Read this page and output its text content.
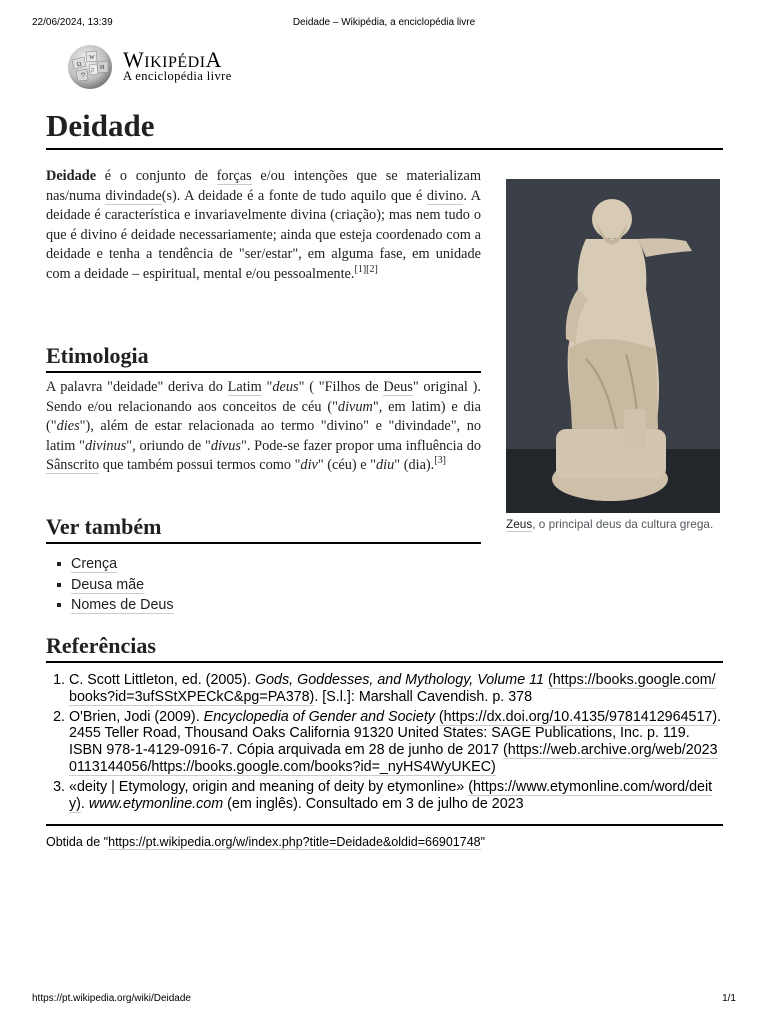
22/06/2024, 13:39	Deidade – Wikipédia, a enciclopédia livre
Ω
W
И
ウ
ק WIKIPÉDIA
A enciclopédia livre
Deidade

Deidade é o conjunto de forças e/ou intenções que se materializam nas/numa divindade(s). A deidade é a fonte de tudo aquilo que é divino. A deidade é característica e invariavelmente divina (criação); mas nem tudo o que é divino é deidade necessariamente; ainda que esteja coordenado com a deidade e tenha a tendência de "ser/estar", em alguma fase, em unidade com a deidade – espiritual, mental e/ou pessoalmente.[1][2]

Etimologia

A palavra "deidade" deriva do Latim "deus" ( "Filhos de Deus" original ). Sendo e/ou relacionando aos conceitos de céu ("divum", em latim) e dia ("dies"), além de estar relacionada ao termo "divino" e "divindade", no latim "divinus", oriundo de "divus". Pode-se fazer propor uma influência do Sânscrito que também possui termos como "div" (céu) e "diu" (dia).[3]

Zeus, o principal deus da cultura grega.
Ver também
Crença
Deusa mãe
Nomes de Deus
Referências
1. C. Scott Littleton, ed. (2005). Gods, Goddesses, and Mythology, Volume 11 (https://books.google.com/books?id=3ufSStXPECkC&pg=PA378). [S.l.]: Marshall Cavendish. p. 378
2. O'Brien, Jodi (2009). Encyclopedia of Gender and Society (https://dx.doi.org/10.4135/9781412964517). 2455 Teller Road, Thousand Oaks California 91320 United States: SAGE Publications, Inc. p. 119. ISBN 978-1-4129-0916-7. Cópia arquivada em 28 de junho de 2017 (https://web.archive.org/web/20230113144056/https://books.google.com/books?id=_nyHS4WyUKEC)
3. «deity | Etymology, origin and meaning of deity by etymonline» (https://www.etymonline.com/word/deity). www.etymonline.com (em inglês). Consultado em 3 de julho de 2023
Obtida de "https://pt.wikipedia.org/w/index.php?title=Deidade&oldid=66901748"
https://pt.wikipedia.org/wiki/Deidade	1/1
